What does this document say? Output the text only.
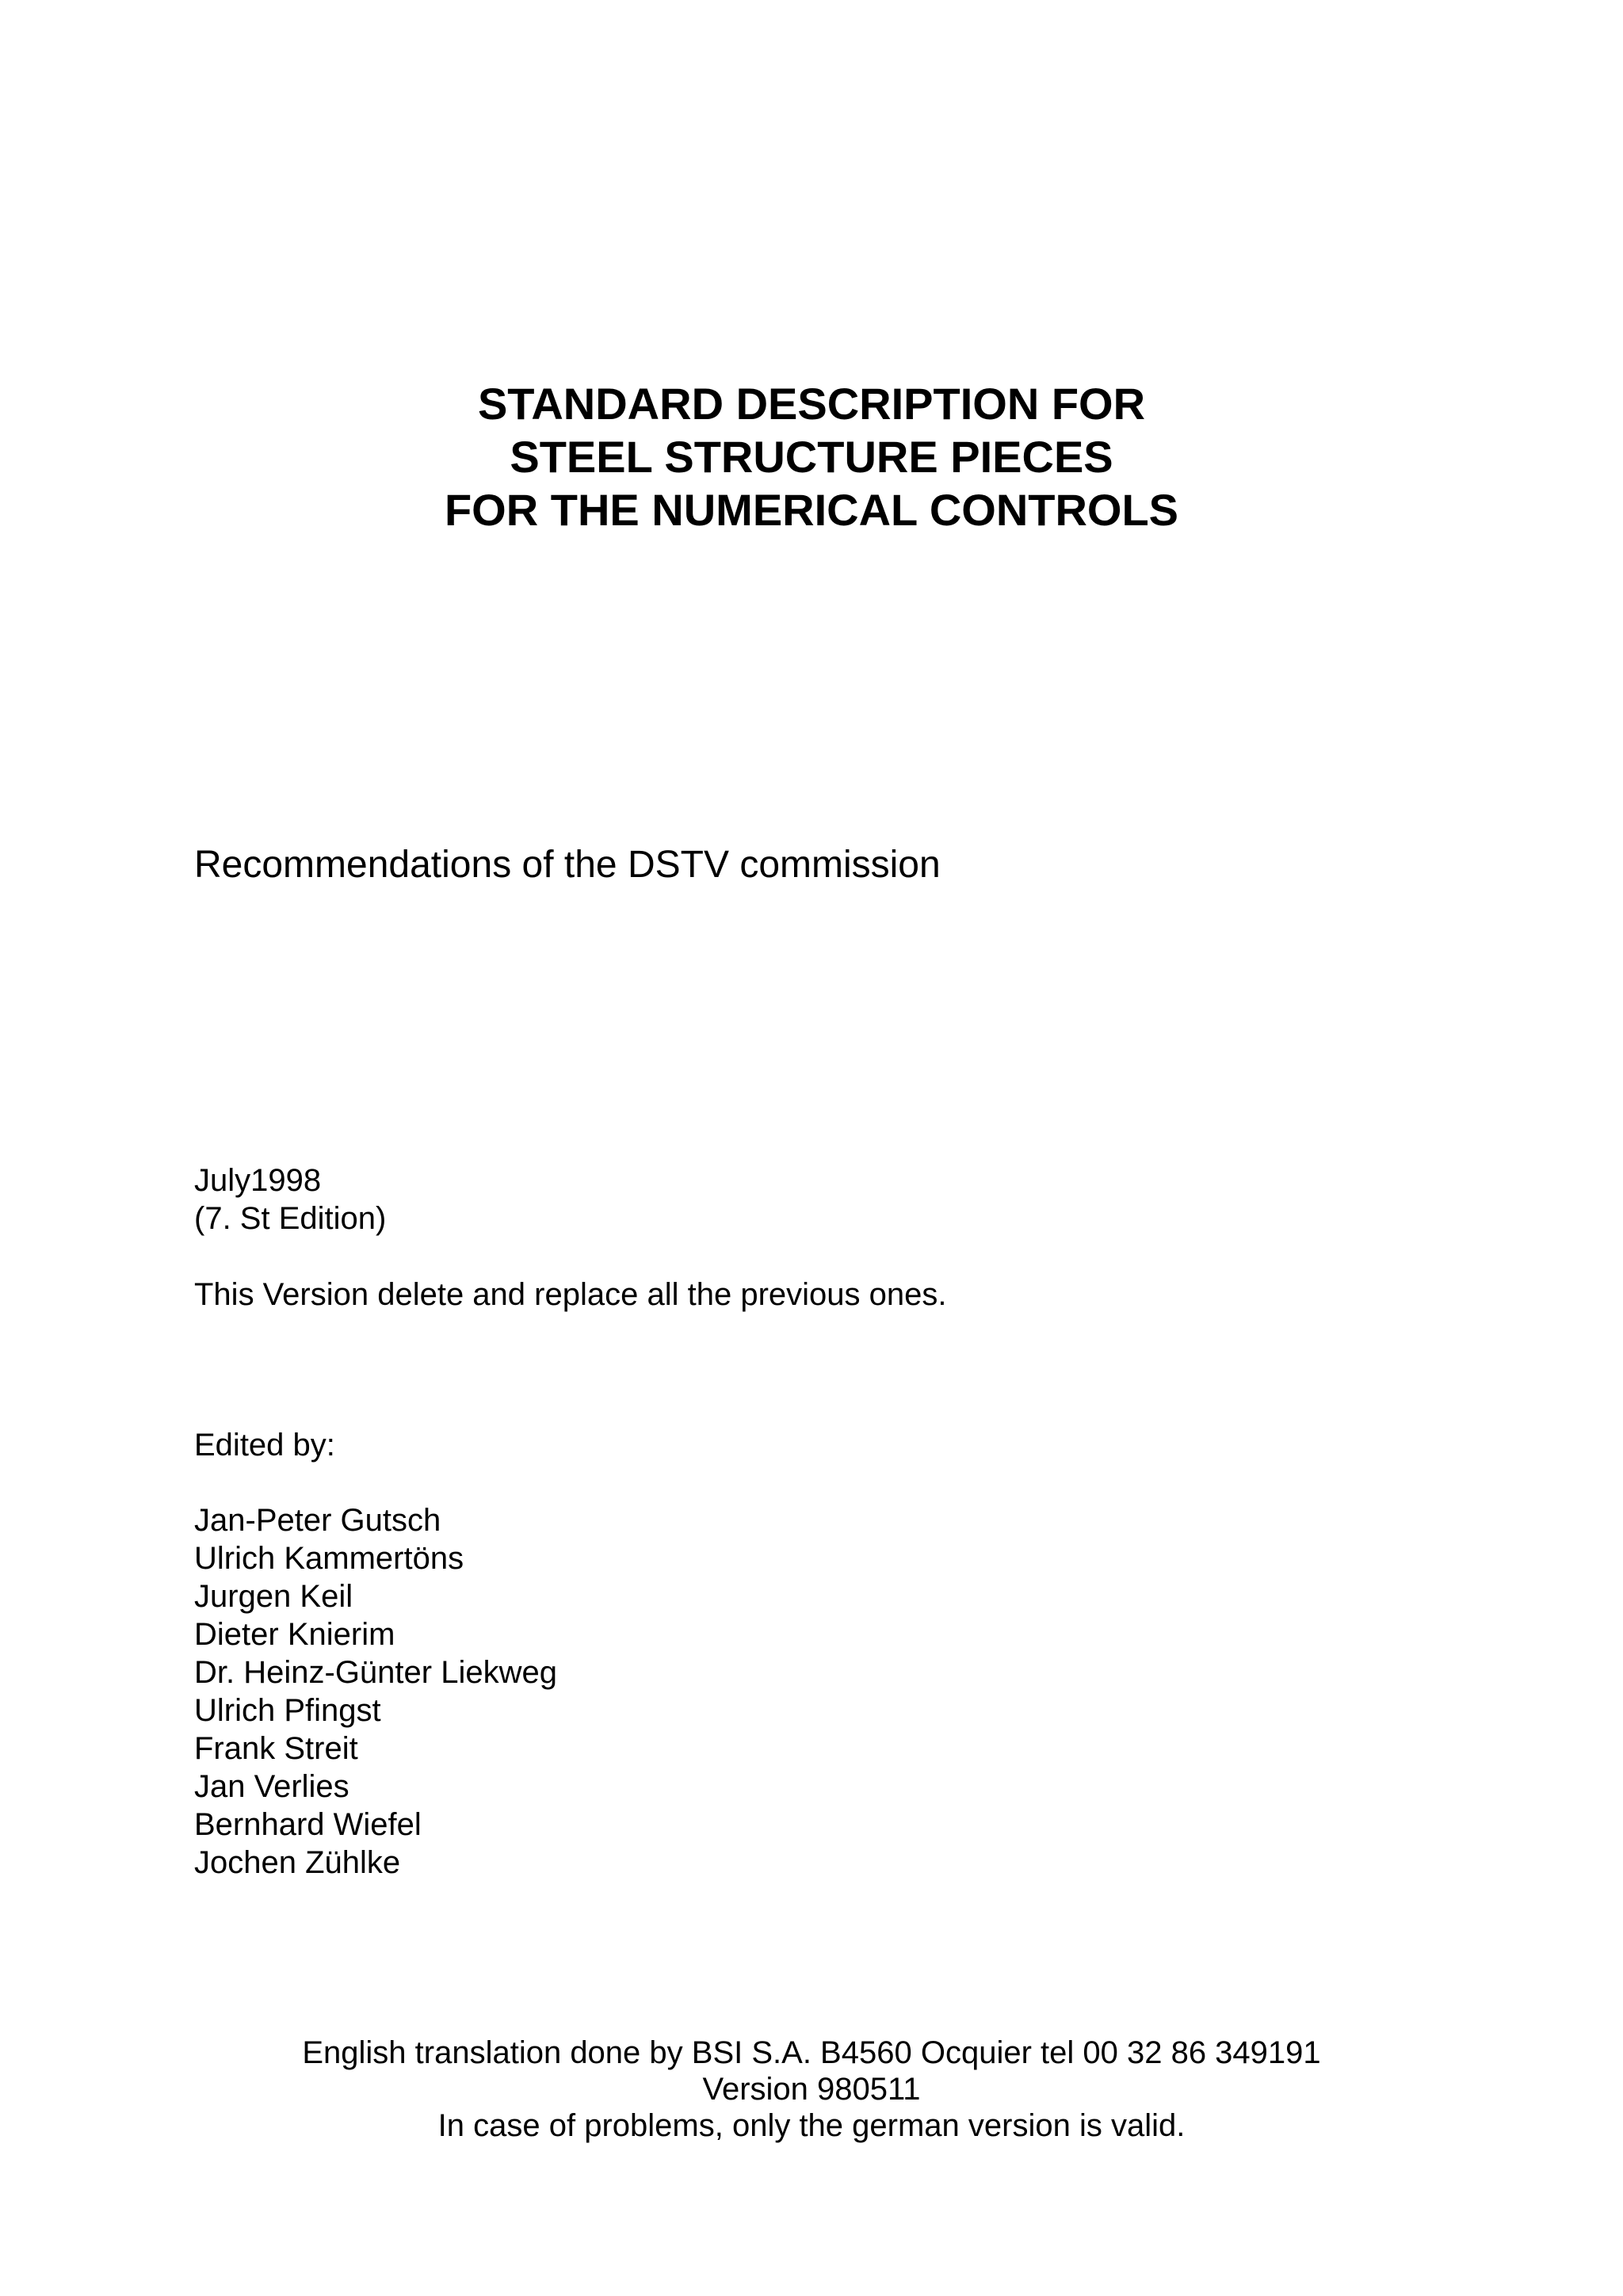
STANDARD DESCRIPTION FOR
STEEL STRUCTURE PIECES
FOR THE NUMERICAL CONTROLS
Recommendations of the DSTV commission
July1998
(7. St Edition)
This Version delete and replace all the previous ones.
Edited by:
Jan-Peter Gutsch
Ulrich Kammertöns
Jurgen Keil
Dieter Knierim
Dr. Heinz-Günter Liekweg
Ulrich Pfingst
Frank Streit
Jan Verlies
Bernhard Wiefel
Jochen Zühlke
English translation done by BSI S.A. B4560 Ocquier tel 00 32 86 349191
Version 980511
In case of problems, only the german version is valid.
